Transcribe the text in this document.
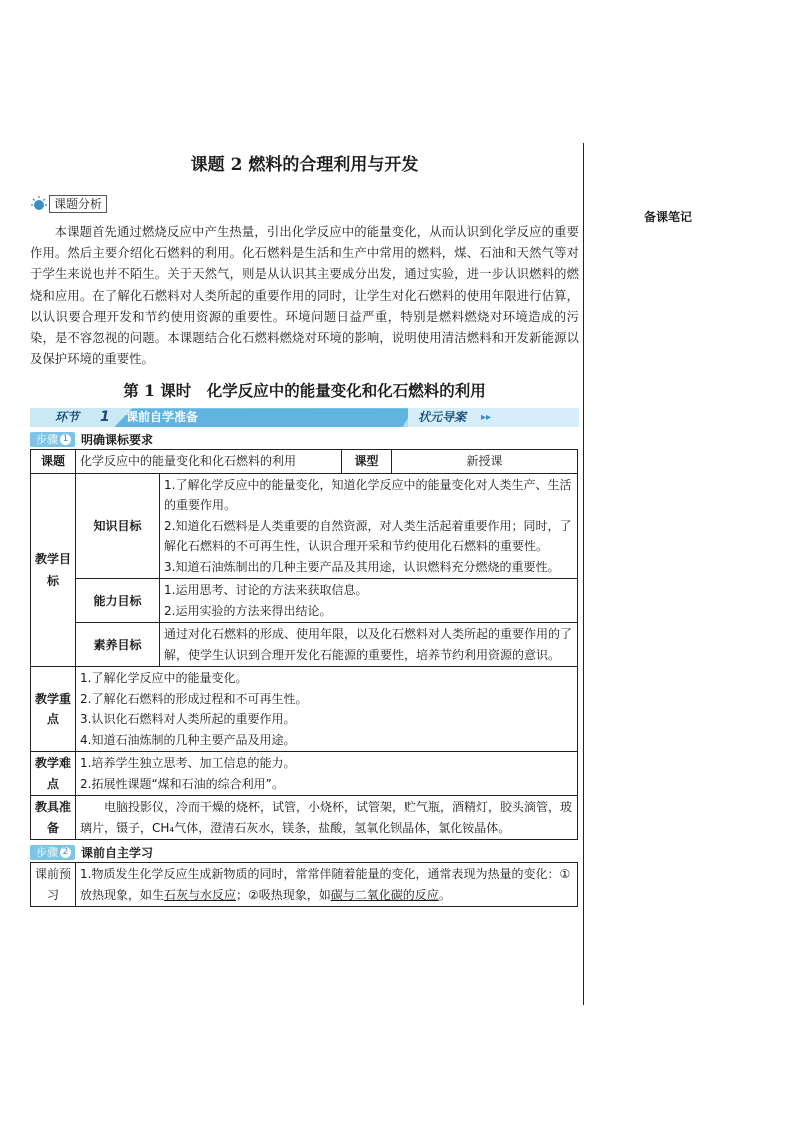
备课笔记
课题 2 燃料的合理利用与开发
课题分析

本课题首先通过燃烧反应中产生热量，引出化学反应中的能量变化，从而认识到化学反应的重要作用。然后主要介绍化石燃料的利用。化石燃料是生活和生产中常用的燃料，煤、石油和天然气等对于学生来说也并不陌生。关于天然气，则是从认识其主要成分出发，通过实验，进一步认识燃料的燃烧和应用。在了解化石燃料对人类所起的重要作用的同时，让学生对化石燃料的使用年限进行估算，以认识要合理开发和节约使用资源的重要性。环境问题日益严重，特别是燃料燃烧对环境造成的污染，是不容忽视的问题。本课题结合化石燃料燃烧对环境的影响，说明使用清洁燃料和开发新能源以及保护环境的重要性。

第 1 课时　化学反应中的能量变化和化石燃料的利用
环节 1 课前自学准备	状元导案 ▸▸
步骤 1 明确课标要求
课题	化学反应中的能量变化和化石燃料的利用		课型	新授课
教学目标	知识目标	1.了解化学反应中的能量变化，知道化学反应中的能量变化对人类生产、生活的重要作用。
2.知道化石燃料是人类重要的自然资源，对人类生活起着重要作用；同时，了解化石燃料的不可再生性，认识合理开采和节约使用化石燃料的重要性。
3.知道石油炼制出的几种主要产品及其用途，认识燃料充分燃烧的重要性。		

	能力目标	1.运用思考、讨论的方法来获取信息。
2.运用实验的方法来得出结论。		

	素养目标	通过对化石燃料的形成、使用年限，以及化石燃料对人类所起的重要作用的了解，使学生认识到合理开发化石能源的重要性，培养节约利用资源的意识。		
教学重点	1.了解化学反应中的能量变化。
2.了解化石燃料的形成过程和不可再生性。
3.认识化石燃料对人类所起的重要作用。
4.知道石油炼制的几种主要产品及用途。			

教学难点	1.培养学生独立思考、加工信息的能力。
2.拓展性课题“煤和石油的综合利用”。			

教具准备	电脑投影仪，冷而干燥的烧杯，试管，小烧杯，试管架，贮气瓶，酒精灯，胶头滴管，玻璃片，镊子，CH₄气体，澄清石灰水，镁条，盐酸，氢氧化钡晶体，氯化铵晶体。			
步骤 2 课前自主学习
课前预习	1.物质发生化学反应生成新物质的同时，常常伴随着能量的变化，通常表现为热量的变化：①放热现象，如生石灰与水反应；②吸热现象，如碳与二氧化碳的反应。
